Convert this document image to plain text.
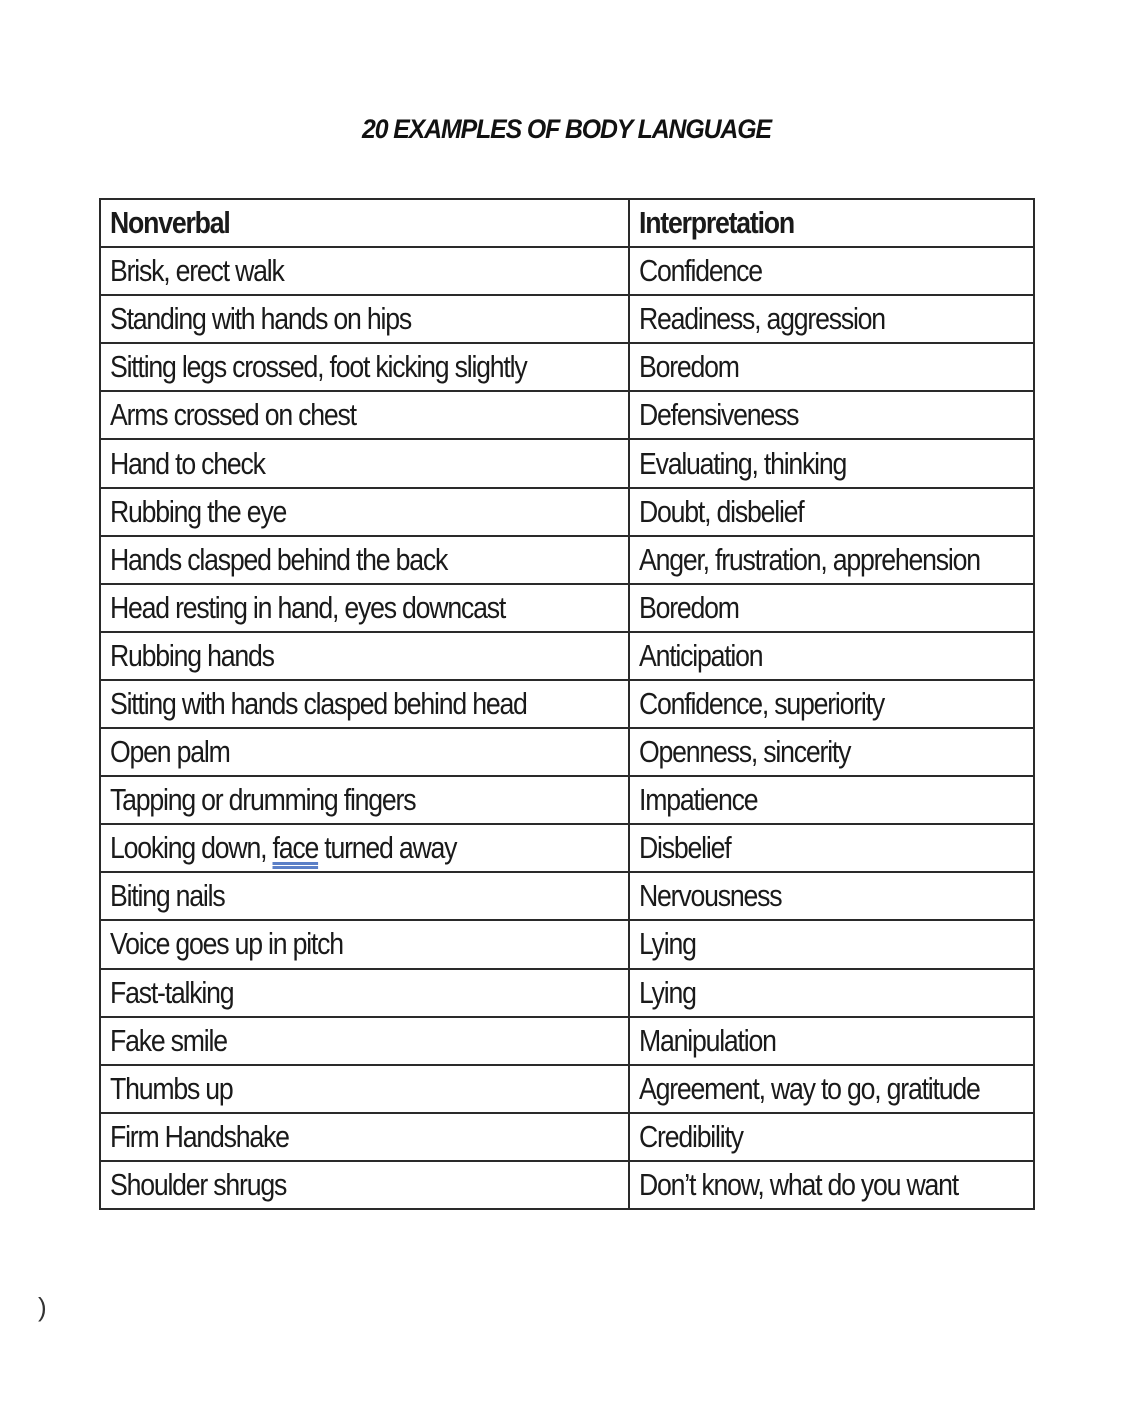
20 EXAMPLES OF BODY LANGUAGE
Nonverbal	Interpretation
Brisk, erect walk	Confidence
Standing with hands on hips	Readiness, aggression
Sitting legs crossed, foot kicking slightly	Boredom
Arms crossed on chest	Defensiveness
Hand to check	Evaluating, thinking
Rubbing the eye	Doubt, disbelief
Hands clasped behind the back	Anger, frustration, apprehension
Head resting in hand, eyes downcast	Boredom
Rubbing hands	Anticipation
Sitting with hands clasped behind head	Confidence, superiority
Open palm	Openness, sincerity
Tapping or drumming fingers	Impatience
Looking down, face turned away	Disbelief
Biting nails	Nervousness
Voice goes up in pitch	Lying
Fast-talking	Lying
Fake smile	Manipulation
Thumbs up	Agreement, way to go, gratitude
Firm Handshake	Credibility
Shoulder shrugs	Don’t know, what do you want
)
